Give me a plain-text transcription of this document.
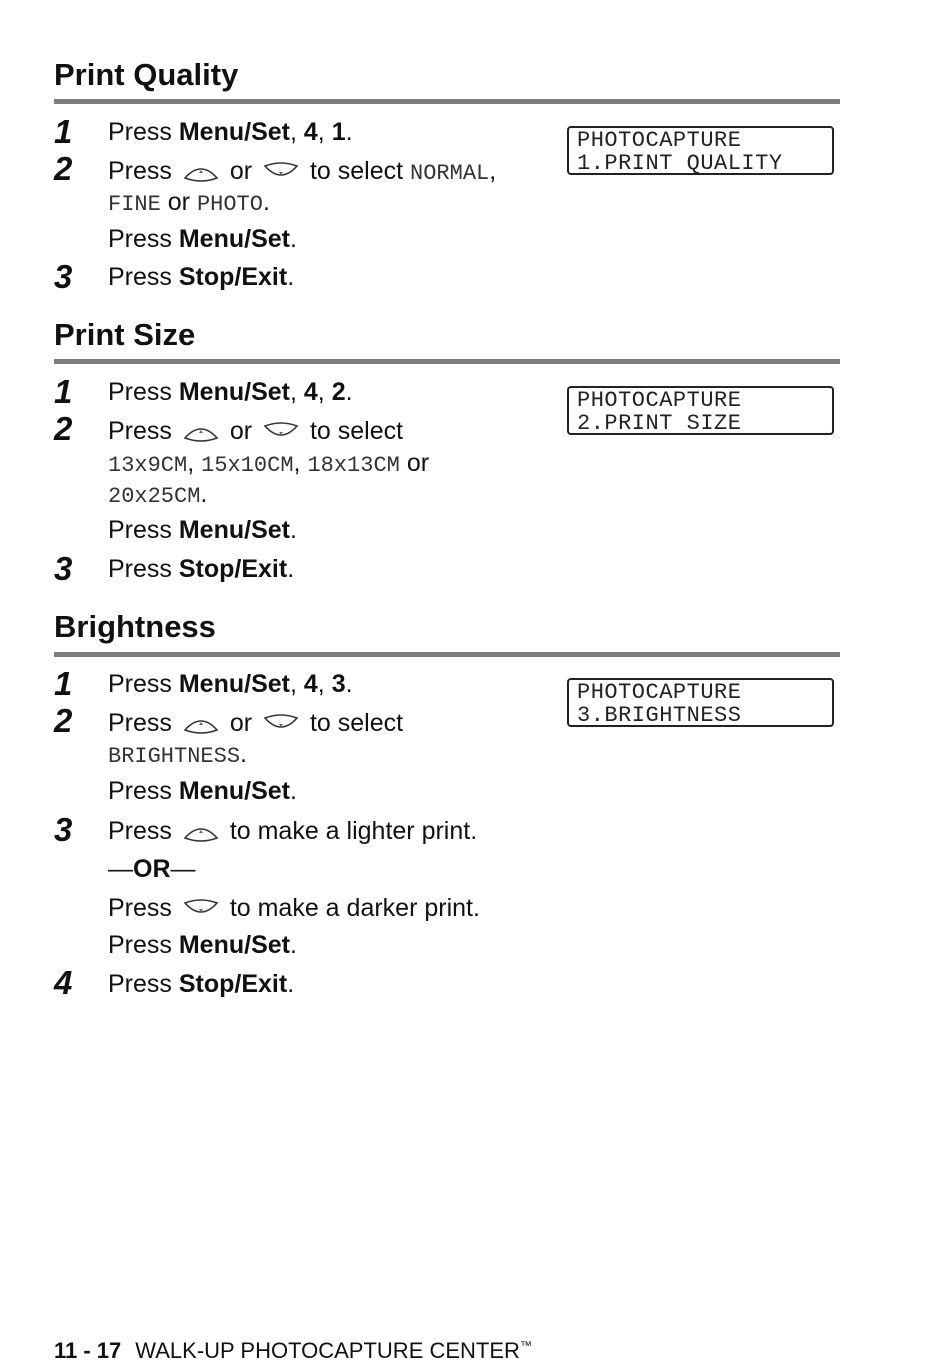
Print Quality
1 Press Menu/Set, 4, 1.
2 Press or to select NORMAL,
FINE or PHOTO.
Press Menu/Set.
3 Press Stop/Exit.
PHOTOCAPTURE
1.PRINT QUALITY
Print Size
1 Press Menu/Set, 4, 2.
2 Press or to select
13x9CM, 15x10CM, 18x13CM or
20x25CM.
Press Menu/Set.
3 Press Stop/Exit.
PHOTOCAPTURE
2.PRINT SIZE
Brightness
1 Press Menu/Set, 4, 3.
2 Press or to select
BRIGHTNESS.
Press Menu/Set.
3 Press to make a lighter print.
—OR—
Press to make a darker print.
Press Menu/Set.
4 Press Stop/Exit.
PHOTOCAPTURE
3.BRIGHTNESS
11 - 17 WALK-UP PHOTOCAPTURE CENTER™
